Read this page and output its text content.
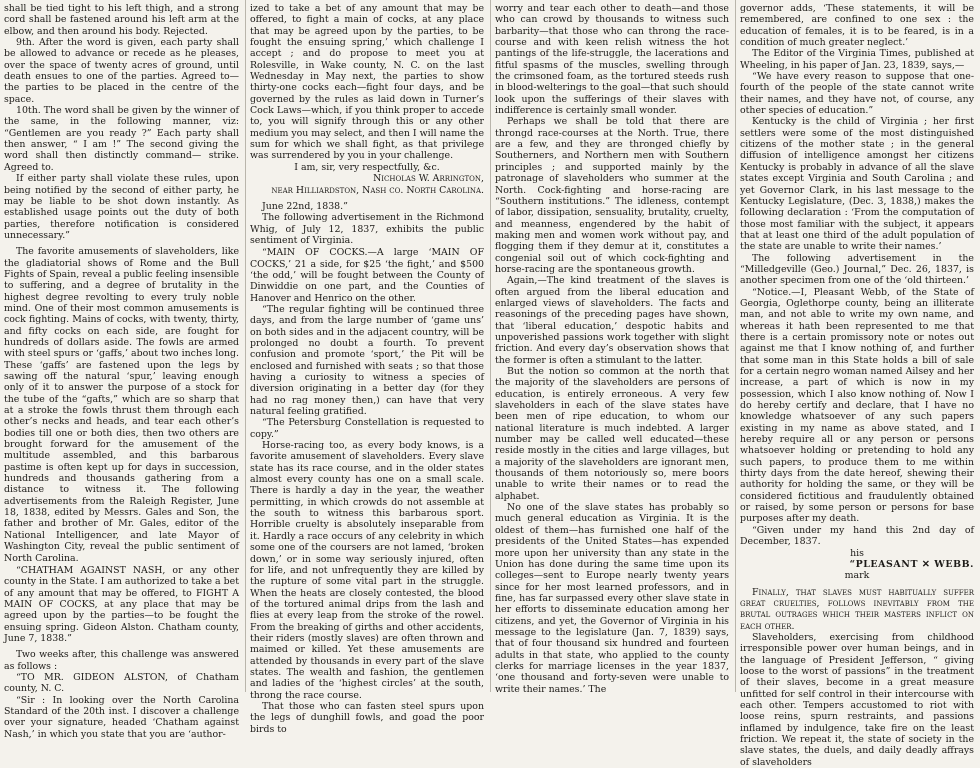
shall be tied tight to his left thigh, and a strong cord shall be fastened around his left arm at the elbow, and then around his body. Rejected.

9th. After the word is given, each party shall be allowed to advance or recede as he pleases, over the space of twenty acres of ground, until death ensues to one of the parties. Agreed to—the parties to be placed in the centre of the space.

10th. The word shall be given by the winner of the same, in the following manner, viz: “Gentlemen are you ready ?” Each party shall then answer, “ I am !” The second giving the word shall then distinctly command— strike. Agreed to.

If either party shall violate these rules, upon being notified by the second of either party, he may be liable to be shot down instantly. As established usage points out the duty of both parties, therefore notification is considered unnecessary.”

The favorite amusements of slaveholders, like the gladiatorial shows of Rome and the Bull Fights of Spain, reveal a public feeling insensible to suffering, and a degree of brutality in the highest degree revolting to every truly noble mind. One of their most common amusements is cock fighting. Mains of cocks, with twenty, thirty, and fifty cocks on each side, are fought for hundreds of dollars aside. The fowls are armed with steel spurs or ‘gaffs,’ about two inches long. These ‘gaffs’ are fastened upon the legs by sawing off the natural ‘spur,’ leaving enough only of it to answer the purpose of a stock for the tube of the “gafts,” which are so sharp that at a stroke the fowls thrust them through each other’s necks and heads, and tear each other’s bodies till one or both dies, then two others are brought forward for the amusement of the multitude assembled, and this barbarous pastime is often kept up for days in succession, hundreds and thousands gathering from a distance to witness it. The following advertisements from the Raleigh Register, June 18, 1838, edited by Messrs. Gales and Son, the father and brother of Mr. Gales, editor of the National Intelligencer, and late Mayor of Washington City, reveal the public sentiment of North Carolina.

“CHATHAM AGAINST NASH, or any other county in the State. I am authorized to take a bet of any amount that may be offered, to FIGHT A MAIN OF COCKS, at any place that may be agreed upon by the parties—to be fought the ensuing spring. Gideon Alston. Chatham county, June 7, 1838.”

Two weeks after, this challenge was answered as follows :

“TO MR. GIDEON ALSTON, of Chatham county, N. C.

“Sir : In looking over the North Carolina Standard of the 20th inst. I discover a challenge over your signature, headed ‘Chatham against Nash,’ in which you state that you are ‘author-

ized to take a bet of any amount that may be offered, to fight a main of cocks, at any place that may be agreed upon by the parties, to be fought the ensuing spring,’ which challenge I accept ; and do propose to meet you at Rolesville, in Wake county, N. C. on the last Wednesday in May next, the parties to show thirty-one cocks each—fight four days, and be governed by the rules as laid down in Turner’s Cock Laws—which, if you think proper to accede to, you will signify through this or any other medium you may select, and then I will name the sum for which we shall fight, as that privilege was surrendered by you in your challenge.

I am, sir, very respectfully, &c.

Nicholas W. Arrington,

near Hilliardston, Nash co. North Carolina.

June 22nd, 1838.”

The following advertisement in the Richmond Whig, of July 12, 1837, exhibits the public sentiment of Virginia.

“MAIN OF COCKS.—A large ‘MAIN OF COCKS,’ 21 a side, for $25 ‘the fight,’ and $500 ‘the odd,’ will be fought between the County of Dinwiddie on one part, and the Counties of Hanover and Henrico on the other.

“The regular fighting will be continued three days, and from the large number of ‘game uns’ on both sides and in the adjacent country, will be prolonged no doubt a fourth. To prevent confusion and promote ‘sport,’ the Pit will be enclosed and furnished with seats ; so that those having a curiosity to witness a species of diversion originating in a better day (for they had no rag money then,) can have that very natural feeling gratified.

“The Petersburg Constellation is requested to copy.”

Horse-racing too, as every body knows, is a favorite amusement of slaveholders. Every slave state has its race course, and in the older states almost every county has one on a small scale. There is hardly a day in the year, the weather permitting, in which crowds do not assemble at the south to witness this barbarous sport. Horrible cruelty is absolutely inseparable from it. Hardly a race occurs of any celebrity in which some one of the coursers are not lamed, ‘broken down,’ or in some way seriously injured, often for life, and not unfrequently they are killed by the rupture of some vital part in the struggle. When the heats are closely contested, the blood of the tortured animal drips from the lash and flies at every leap from the stroke of the rowel. From the breaking of girths and other accidents, their riders (mostly slaves) are often thrown and maimed or killed. Yet these amusements are attended by thousands in every part of the slave states. The wealth and fashion, the gentlemen and ladies of the ‘highest circles’ at the south, throng the race course.

That those who can fasten steel spurs upon the legs of dunghill fowls, and goad the poor birds to

worry and tear each other to death—and those who can crowd by thousands to witness such barbarity—that those who can throng the race-course and with keen relish witness the hot pantings of the life-struggle, the lacerations and fitful spasms of the muscles, swelling through the crimsoned foam, as the tortured steeds rush in blood-welterings to the goal—that such should look upon the sufferings of their slaves with indifference is certainly small wonder.

Perhaps we shall be told that there are throngd race-courses at the North. True, there are a few, and they are thronged chiefly by Southerners, and Northern men with Southern principles ; and supported mainly by the patronage of slaveholders who summer at the North. Cock-fighting and horse-racing are “Southern institutions.” The idleness, contempt of labor, dissipation, sensuality, brutality, cruelty, and meanness, engendered by the habit of making men and women work without pay, and flogging them if they demur at it, constitutes a congenial soil out of which cock-fighting and horse-racing are the spontaneous growth.

Again,—The kind treatment of the slaves is often argued from the liberal education and enlarged views of slaveholders. The facts and reasonings of the preceding pages have shown, that ‘liberal education,’ despotic habits and unpoverished passions work together with slight friction. And every day’s observation shows that the former is often a stimulant to the latter.

But the notion so common at the north that the majority of the slaveholders are persons of education, is entirely erroneous. A very few slaveholders in each of the slave states have been men of ripe education, to whom our national literature is much indebted. A larger number may be called well educated—these reside mostly in the cities and large villages, but a majority of the slaveholders are ignorant men, thousands of them notoriously so, mere boors unable to write their names or to read the alphabet.

No one of the slave states has probably so much general education as Virginia. It is the oldest of them—has furnished one half of the presidents of the United States—has expended more upon her university than any state in the Union has done during the same time upon its colleges—sent to Europe nearly twenty years since for her most learned professors, and in fine, has far surpassed every other slave state in her efforts to disseminate education among her citizens, and yet, the Governor of Virginia in his message to the legislature (Jan. 7, 1839) says, that of four thousand six hundred and fourteen adults in that state, who applied to the county clerks for marriage licenses in the year 1837, ‘one thousand and forty-seven were unable to write their names.’ The

governor adds, ‘These statements, it will be remembered, are confined to one sex : the education of females, it is to be feared, is in a condition of much greater neglect.’

The Editor of the Virginia Times, published at Wheeling, in his paper of Jan. 23, 1839, says,—

“We have every reason to suppose that one-fourth of the people of the state cannot write their names, and they have not, of course, any other species of education.”

Kentucky is the child of Virginia ; her first settlers were some of the most distinguished citizens of the mother state ; in the general diffusion of intelligence amongst her citizens Kentucky is probably in advance of all the slave states except Virginia and South Carolina ; and yet Governor Clark, in his last message to the Kentucky Legislature, (Dec. 3, 1838,) makes the following declaration : ‘From the computation of those most familiar with the subject, it appears that at least one third of the adult population of the state are unable to write their names.’

The following advertisement in the “Milledgeville (Geo.) Journal,” Dec. 26, 1837, is another specimen from one of the ‘old thirteen.’

“Notice.—I, Pleasant Webb, of the State of Georgia, Oglethorpe county, being an illiterate man, and not able to write my own name, and whereas it hath been represented to me that there is a certain promissory note or notes out against me that I know nothing of, and further that some man in this State holds a bill of sale for a certain negro woman named Ailsey and her increase, a part of which is now in my possession, which I also know nothing of. Now I do hereby certify and declare, that I have no knowledge whatsoever of any such papers existing in my name as above stated, and I hereby require all or any person or persons whatsoever holding or pretending to hold any such papers, to produce them to me within thirty days from the date hereof, shewing their authority for holding the same, or they will be considered fictitious and fraudulently obtained or raised, by some person or persons for base purposes after my death.

“Given under my hand this 2nd day of December, 1837.

his

“PLEASANT ✕ WEBB.

mark

Finally, that slaves must habitually suffer great cruelties, follows inevitably from the brutal outrages which their masters inflict on each other.

Slaveholders, exercising from childhood irresponsible power over human beings, and in the language of President Jefferson, “ giving loose to the worst of passions” in the treatment of their slaves, become in a great measure unfitted for self control in their intercourse with each other. Tempers accustomed to riot with loose reins, spurn restraints, and passions inflamed by indulgence, take fire on the least friction. We repeat it, the state of society in the slave states, the duels, and daily deadly affrays of slaveholders
